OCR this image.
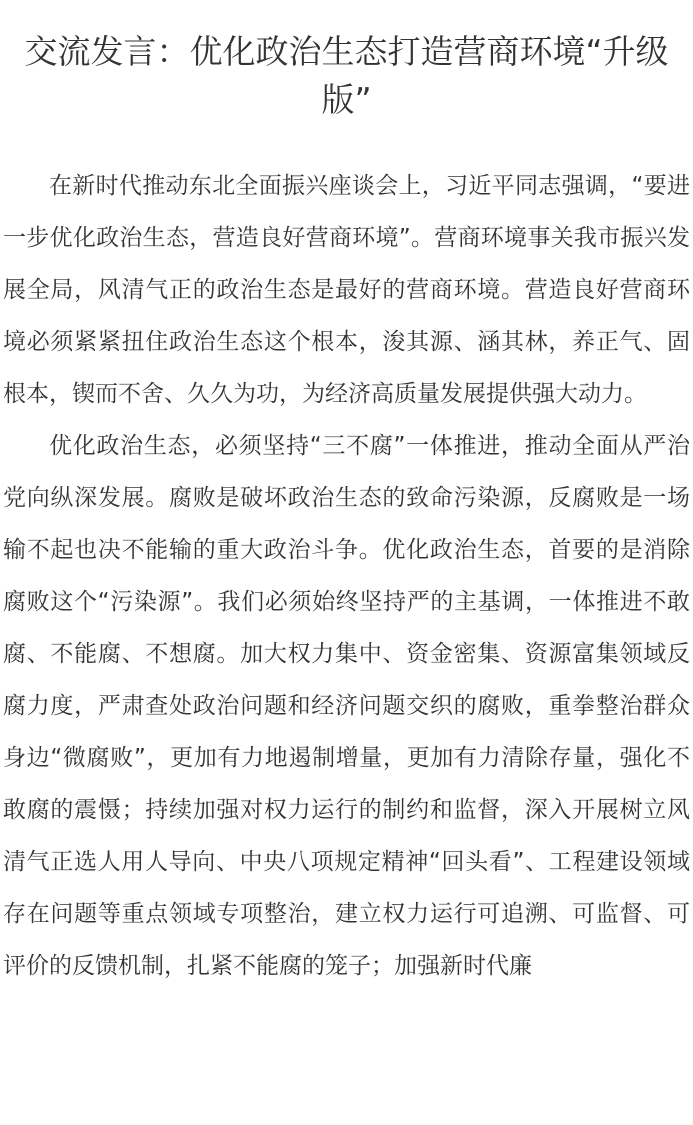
交流发言：优化政治生态打造营商环境“升级版”

在新时代推动东北全面振兴座谈会上，习近平同志强调，“要进一步优化政治生态，营造良好营商环境”。营商环境事关我市振兴发展全局，风清气正的政治生态是最好的营商环境。营造良好营商环境必须紧紧扭住政治生态这个根本，浚其源、涵其林，养正气、固根本，锲而不舍、久久为功，为经济高质量发展提供强大动力。

优化政治生态，必须坚持“三不腐”一体推进，推动全面从严治党向纵深发展。腐败是破坏政治生态的致命污染源，反腐败是一场输不起也决不能输的重大政治斗争。优化政治生态，首要的是消除腐败这个“污染源”。我们必须始终坚持严的主基调，一体推进不敢腐、不能腐、不想腐。加大权力集中、资金密集、资源富集领域反腐力度，严肃查处政治问题和经济问题交织的腐败，重拳整治群众身边“微腐败”，更加有力地遏制增量，更加有力清除存量，强化不敢腐的震慑；持续加强对权力运行的制约和监督，深入开展树立风清气正选人用人导向、中央八项规定精神“回头看”、工程建设领域存在问题等重点领域专项整治，建立权力运行可追溯、可监督、可评价的反馈机制，扎紧不能腐的笼子；加强新时代廉
